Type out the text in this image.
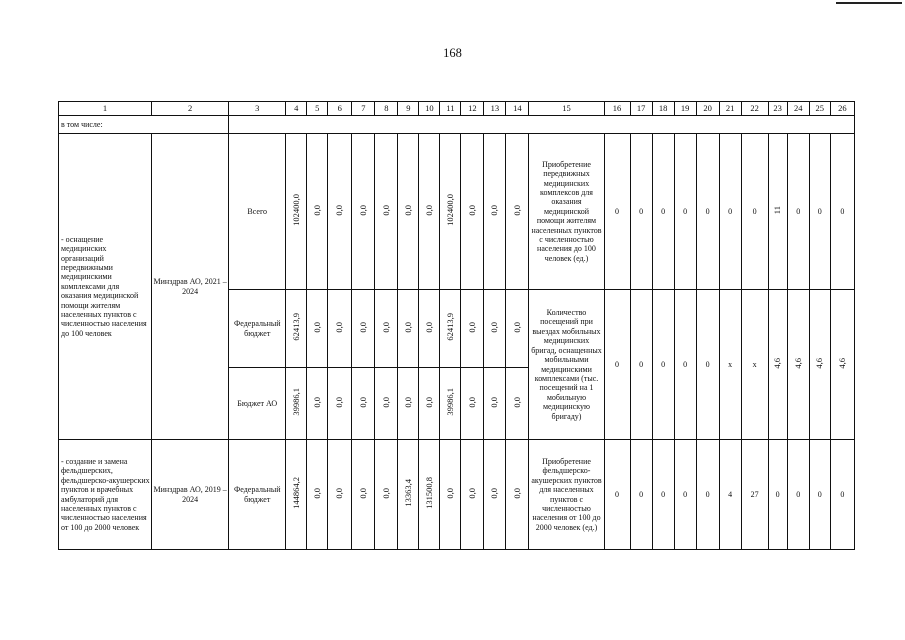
168
1	2	3	4	5	6	7	8	9	10	11	12	13	14	15	16	17	18	19	20	21	22	23	24	25	26
в том числе:																									
- оснащение медицинских организаций передвижными медицинскими комплексами для оказания медицинской помощи жителям населенных пунктов с численностью населения до 100 человек	Минздрав АО, 2021 – 2024	Всего	102400,0	0,0	0,0	0,0	0,0	0,0	0,0	102400,0	0,0	0,0	0,0	Приобретение передвижных медицинских комплексов для оказания медицинской помощи жителям населенных пунктов с численностью населения до 100 человек (ед.)	0	0	0	0	0	0	0	11	0	0	0
		Федеральный бюджет	62413,9	0,0	0,0	0,0	0,0	0,0	0,0	62413,9	0,0	0,0	0,0	Количество посещений при выездах мобильных медицинских бригад, оснащенных мобильными медицинскими комплексами (тыс. посещений на 1 мобильную медицинскую бригаду)	0	0	0	0	0	х	х	4,6	4,6	4,6	4,6
		Бюджет АО	39986,1	0,0	0,0	0,0	0,0	0,0	0,0	39986,1	0,0	0,0	0,0												
- создание и замена фельдшерских, фельдшерско-акушерских пунктов и врачебных амбулаторий для населенных пунктов с численностью населения от 100 до 2000 человек	Минздрав АО, 2019 – 2024	Федеральный бюджет	144864,2	0,0	0,0	0,0	0,0	13363,4	131500,8	0,0	0,0	0,0	0,0	Приобретение фельдшерско-акушерских пунктов для населенных пунктов с численностью населения от 100 до 2000 человек (ед.)	0	0	0	0	0	4	27	0	0	0	0
